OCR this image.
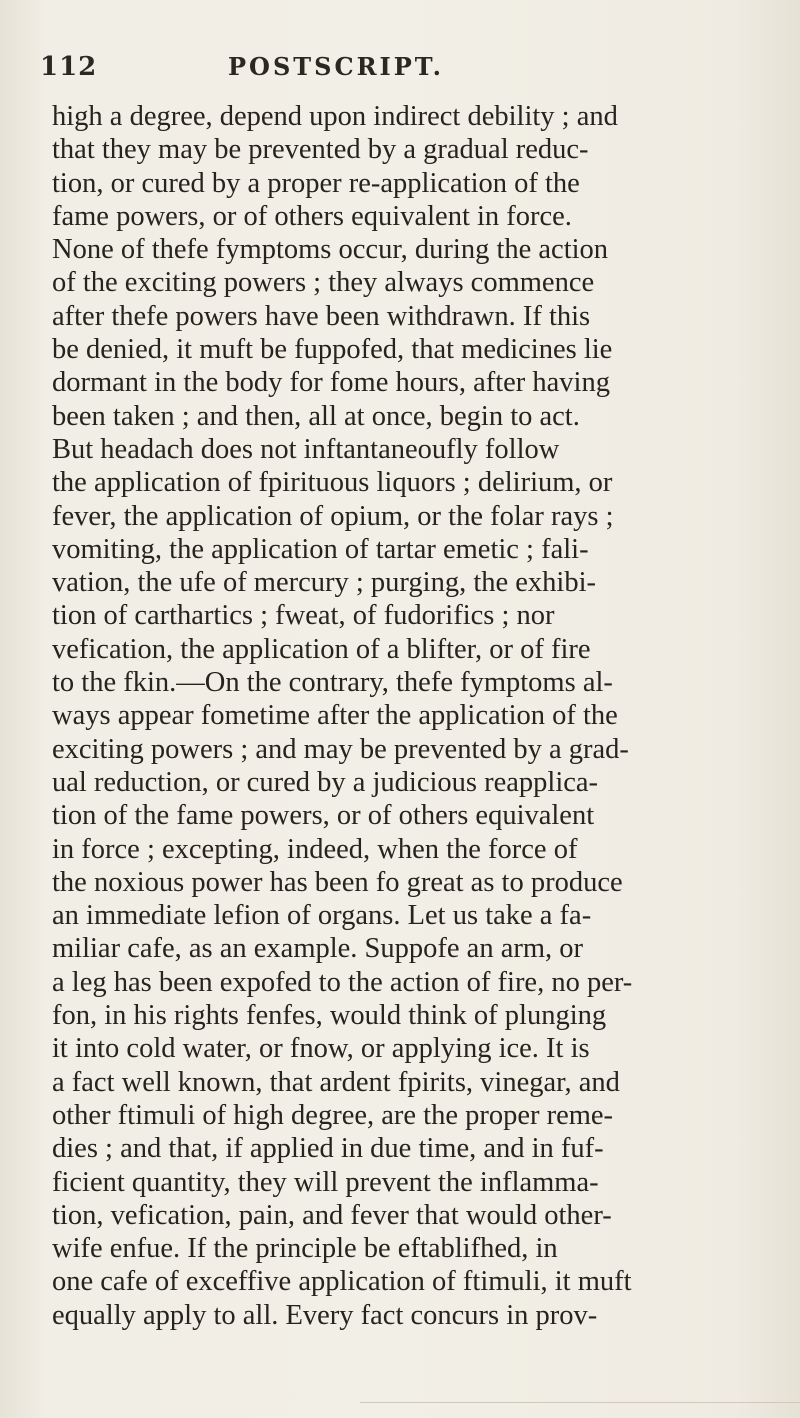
112	POSTSCRIPT.
high a degree, depend upon indirect debility ; and
that they may be prevented by a gradual reduc-
tion, or cured by a proper re-application of the
fame powers, or of others equivalent in force.
None of thefe fymptoms occur, during the action
of the exciting powers ; they always commence
after thefe powers have been withdrawn. If this
be denied, it muft be fuppofed, that medicines lie
dormant in the body for fome hours, after having
been taken ; and then, all at once, begin to act.
But headach does not inftantaneoufly follow
the application of fpirituous liquors ; delirium, or
fever, the application of opium, or the folar rays ;
vomiting, the application of tartar emetic ; fali-
vation, the ufe of mercury ; purging, the exhibi-
tion of carthartics ; fweat, of fudorifics ; nor
vefication, the application of a blifter, or of fire
to the fkin.—On the contrary, thefe fymptoms al-
ways appear fometime after the application of the
exciting powers ; and may be prevented by a grad-
ual reduction, or cured by a judicious reapplica-
tion of the fame powers, or of others equivalent
in force ; excepting, indeed, when the force of
the noxious power has been fo great as to produce
an immediate lefion of organs. Let us take a fa-
miliar cafe, as an example. Suppofe an arm, or
a leg has been expofed to the action of fire, no per-
fon, in his rights fenfes, would think of plunging
it into cold water, or fnow, or applying ice. It is
a fact well known, that ardent fpirits, vinegar, and
other ftimuli of high degree, are the proper reme-
dies ; and that, if applied in due time, and in fuf-
ficient quantity, they will prevent the inflamma-
tion, vefication, pain, and fever that would other-
wife enfue. If the principle be eftablifhed, in
one cafe of exceffive application of ftimuli, it muft
equally apply to all. Every fact concurs in prov-
